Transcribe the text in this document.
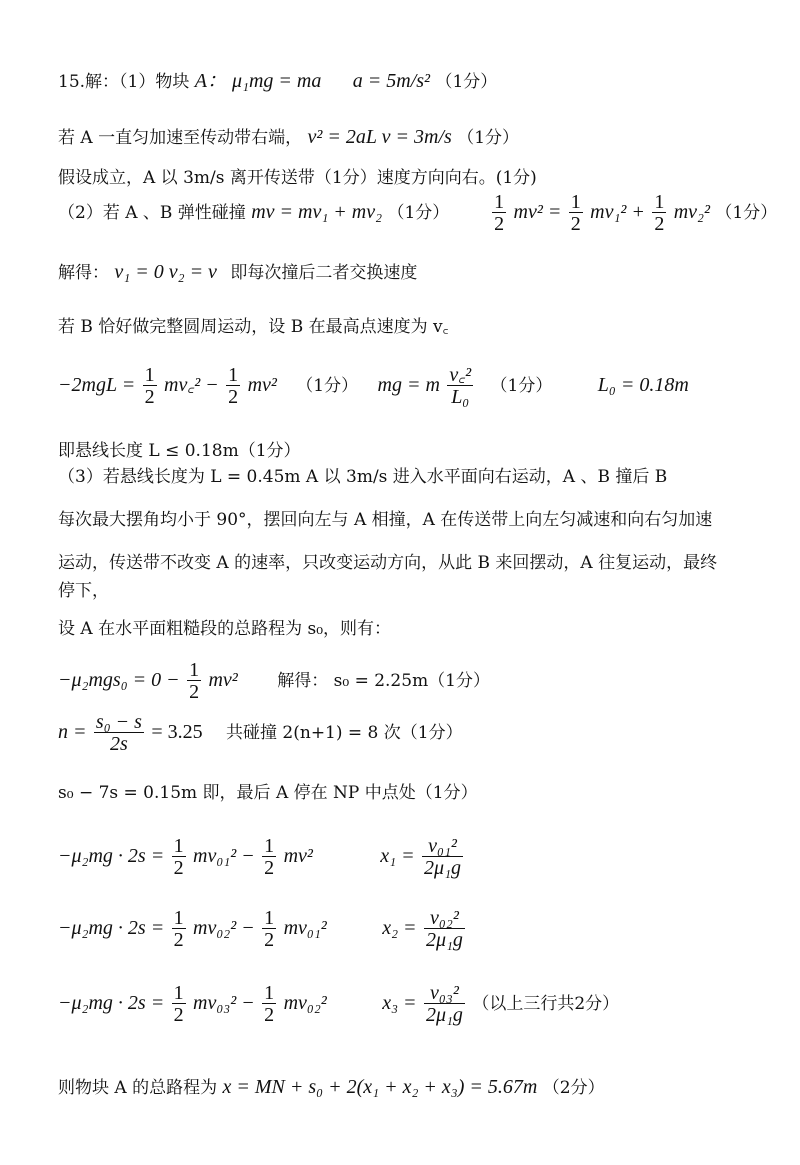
15.解：（1）物块 A： μ₁mg = ma a = 5m/s² （1分）
若 A 一直匀加速至传动带右端， v² = 2aL v = 3m/s （1分）
假设成立，A 以 3m/s 离开传送带（1分）速度方向向右。(1分)
（2）若 A 、B 弹性碰撞 mv = mv₁ + mv₂ （1分） $\frac{1}{2} mv^2 = \frac{1}{2} mv_1^2 + \frac{1}{2} mv_2^2$ （1分）
解得： v₁ = 0 v₂ = v 即每次撞后二者交换速度
若 B 恰好做完整圆周运动，设 B 在最高点速度为 v꜀
$-2mgL = \frac{1}{2}$ mv꜀² − $\frac{1}{2} mv^2$ （1分） mg = m $\frac{\text{v꜀²}}{\text{L₀}} (1$分） L₀ = 0.18m
即悬线长度 L ≤ 0.18m（1分）
（3）若悬线长度为 L = 0.45m A 以 3m/s 进入水平面向右运动，A 、B 撞后 B
每次最大摆角均小于 90°，摆回向左与 A 相撞，A 在传送带上向左匀减速和向右匀加速
运动，传送带不改变 A 的速率，只改变运动方向，从此 B 来回摆动，A 往复运动，最终
停下，
设 A 在水平面粗糙段的总路程为 s₀，则有：
$-\mu_2mgs_0 = 0 - \frac{1}{2} mv^2$ 解得： s₀ = 2.25m（1分）
$n = \frac{\text{s₀ − s}}{2s} = 3.25$ 共碰撞 2(n+1) = 8 次（1分）
s₀ − 7s = 0.15m 即，最后 A 停在 NP 中点处（1分）
$-\mu_2mg \cdot 2s = \frac{1}{2} mv_{01}^2 - \frac{1}{2} mv^2$	$x_1 = \frac{\text{v₀₁²}}{\text{2μ₁g}}$
$-\mu_2mg \cdot 2s = \frac{1}{2} mv_{02}^2 - \frac{1}{2} mv_{01}^2$	$x_2 = \frac{\text{v₀₂²}}{\text{2μ₁g}}$
$-\mu_2mg \cdot 2s = \frac{1}{2} mv_{03}^2 - \frac{1}{2} mv_{02}^2$	$x_3 = \frac{\text{v₀₃²}}{\text{2μ₁g}}$ （以上三行共2分）
则物块 A 的总路程为 x = MN + s₀ + 2(x₁ + x₂ + x₃) = 5.67m （2分）
